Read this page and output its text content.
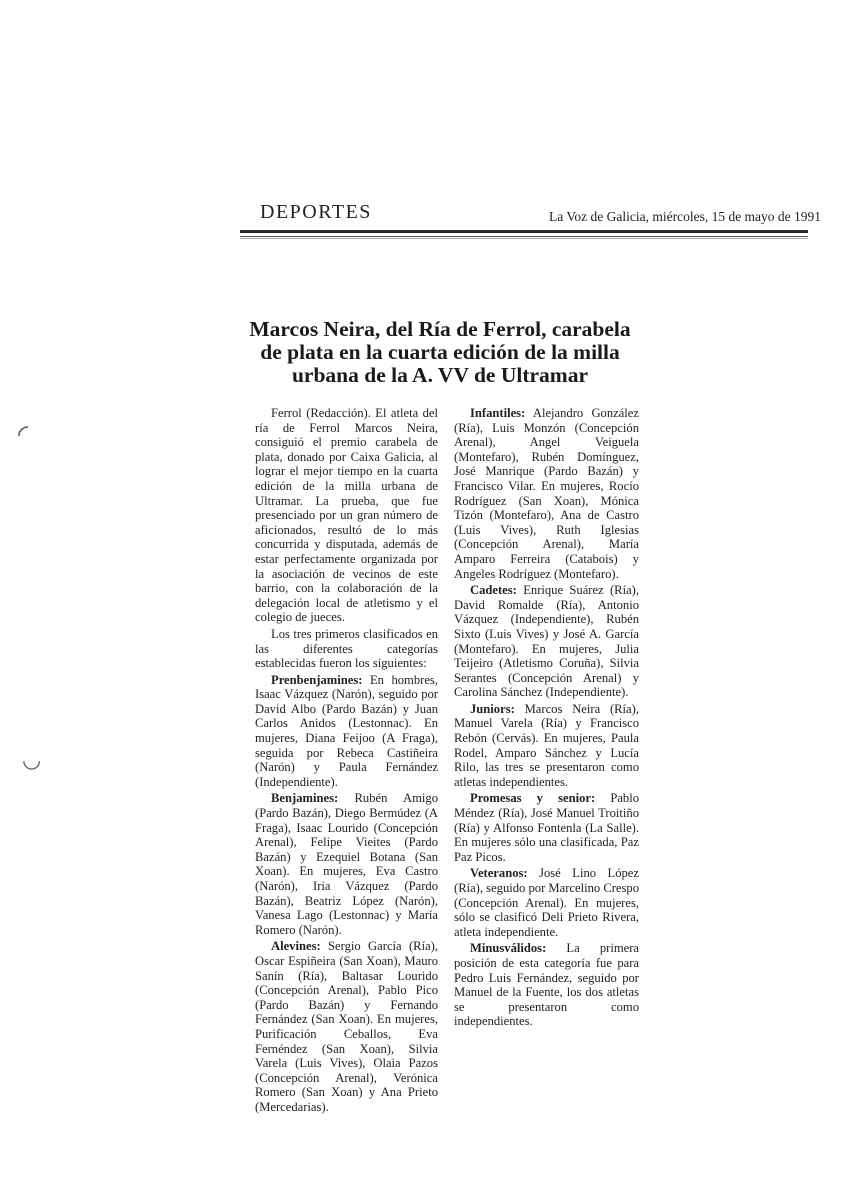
DEPORTES	La Voz de Galicia, miércoles, 15 de mayo de 1991
Marcos Neira, del Ría de Ferrol, carabela de plata en la cuarta edición de la milla urbana de la A. VV de Ultramar

Ferrol (Redacción). El atleta del ría de Ferrol Marcos Neira, consiguió el premio carabela de plata, donado por Caixa Galicia, al lograr el mejor tiempo en la cuarta edición de la milla urbana de Ultramar. La prueba, que fue presenciado por un gran número de aficionados, resultó de lo más concurrida y disputada, además de estar perfectamente organizada por la asociación de vecinos de este barrio, con la colaboración de la delegación local de atletismo y el colegio de jueces.

Los tres primeros clasificados en las diferentes categorías establecidas fueron los siguientes:

Prenbenjamines: En hombres, Isaac Vázquez (Narón), seguido por David Albo (Pardo Bazán) y Juan Carlos Anidos (Lestonnac). En mujeres, Diana Feijoo (A Fraga), seguida por Rebeca Castiñeira (Narón) y Paula Fernández (Independiente).

Benjamines: Rubén Amigo (Pardo Bazán), Diego Bermúdez (A Fraga), Isaac Lourido (Concepción Arenal), Felipe Vieites (Pardo Bazán) y Ezequiel Botana (San Xoan). En mujeres, Eva Castro (Narón), Iria Vázquez (Pardo Bazán), Beatriz López (Narón), Vanesa Lago (Lestonnac) y María Romero (Narón).

Alevines: Sergio García (Ría), Oscar Espiñeira (San Xoan), Mauro Sanín (Ría), Baltasar Lourido (Concepción Arenal), Pablo Pico (Pardo Bazán) y Fernando Fernández (San Xoan). En mujeres, Purificación Ceballos, Eva Fernéndez (San Xoan), Silvia Varela (Luis Vives), Olaia Pazos (Concepción Arenal), Verónica Romero (San Xoan) y Ana Prieto (Mercedarias).

Infantiles: Alejandro González (Ría), Luis Monzón (Concepción Arenal), Angel Veiguela (Montefaro), Rubén Domínguez, José Manrique (Pardo Bazán) y Francisco Vilar. En mujeres, Rocío Rodríguez (San Xoan), Mónica Tizón (Montefaro), Ana de Castro (Luis Vives), Ruth Iglesias (Concepción Arenal), María Amparo Ferreira (Catabois) y Angeles Rodríguez (Montefaro).

Cadetes: Enrique Suárez (Ría), David Romalde (Ría), Antonio Vázquez (Independiente), Rubén Sixto (Luis Vives) y José A. García (Montefaro). En mujeres, Julia Teijeiro (Atletismo Coruña), Silvia Serantes (Concepción Arenal) y Carolina Sánchez (Independiente).

Juniors: Marcos Neira (Ría), Manuel Varela (Ría) y Francisco Rebón (Cervás). En mujeres, Paula Rodel, Amparo Sánchez y Lucía Rilo, las tres se presentaron como atletas independientes.

Promesas y senior: Pablo Méndez (Ría), José Manuel Troitiño (Ría) y Alfonso Fontenla (La Salle). En mujeres sólo una clasificada, Paz Paz Picos.

Veteranos: José Lino López (Ría), seguido por Marcelino Crespo (Concepción Arenal). En mujeres, sólo se clasificó Deli Prieto Rivera, atleta independiente.

Minusválidos: La primera posición de esta categoría fue para Pedro Luis Fernández, seguido por Manuel de la Fuente, los dos atletas se presentaron como independientes.

◜
◡
